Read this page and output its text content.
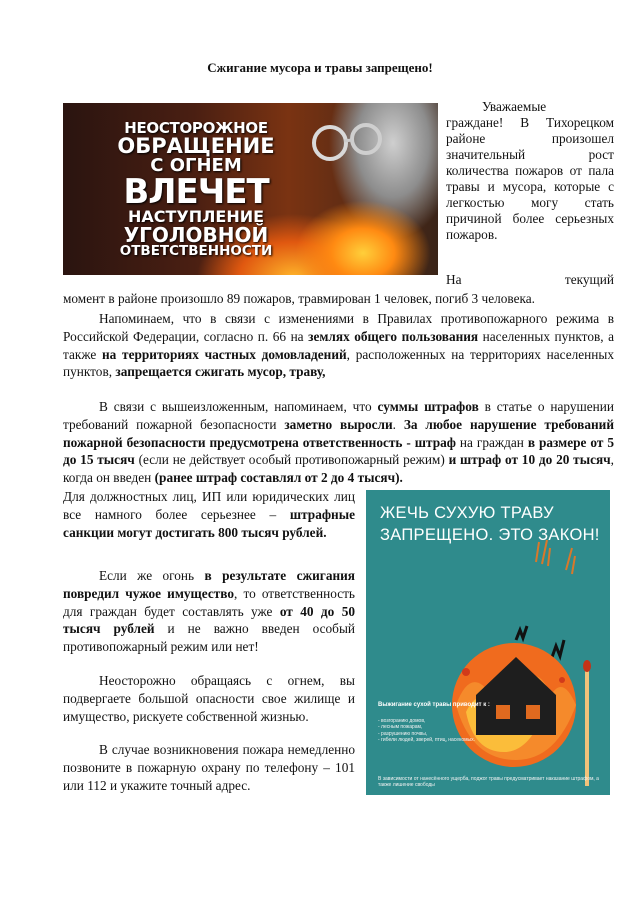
Сжигание мусора и травы запрещено!
НЕОСТОРОЖНОЕ
ОБРАЩЕНИЕ
С ОГНЕМ
ВЛЕЧЕТ
НАСТУПЛЕНИЕ
УГОЛОВНОЙ
ОТВЕТСТВЕННОСТИ
Уважаемые
граждане! В Тихорецком районе произошел значительный рост количества пожаров от пала травы и мусора, которые с легкостью могу стать причиной более серьезных пожаров.
На текущий
момент в районе произошло 89 пожаров, травмирован 1 человек, погиб 3 человека.
Напоминаем, что в связи с изменениями в Правилах противопожарного режима в Российской Федерации, согласно п. 66 на землях общего пользования населенных пунктов, а также на территориях частных домовладений, расположенных на территориях населенных пунктов, запрещается сжигать мусор, траву,
В связи с вышеизложенным, напоминаем, что суммы штрафов в статье о нарушении требований пожарной безопасности заметно выросли. За любое нарушение требований пожарной безопасности предусмотрена ответственность - штраф на граждан в размере от 5 до 15 тысяч (если не действует особый противопожарный режим) и штраф от 10 до 20 тысяч, когда он введен (ранее штраф составлял от 2 до 4 тысяч).
Для должностных лиц, ИП или юридических лиц все намного более серьезнее – штрафные санкции могут достигать 800 тысяч рублей.
Если же огонь в результате сжигания повредил чужое имущество, то ответственность для граждан будет составлять уже от 40 до 50 тысяч рублей и не важно введен особый противопожарный режим или нет!
Неосторожно обращаясь с огнем, вы подвергаете большой опасности свое жилище и имущество, рискуете собственной жизнью.
В случае возникновения пожара немедленно позвоните в пожарную охрану по телефону – 101 или 112 и укажите точный адрес.
ЖЕЧЬ СУХУЮ ТРАВУ ЗАПРЕЩЕНО. ЭТО ЗАКОН!
Выжигание сухой травы приводит к :
- возгоранию домов,
- лесным пожарам,
- разрушению почвы,
- гибели людей, зверей, птиц, насекомых.
В зависимости от нанесённого ущерба, поджог травы предусматривает наказание штрафом, а также лишение свободы
